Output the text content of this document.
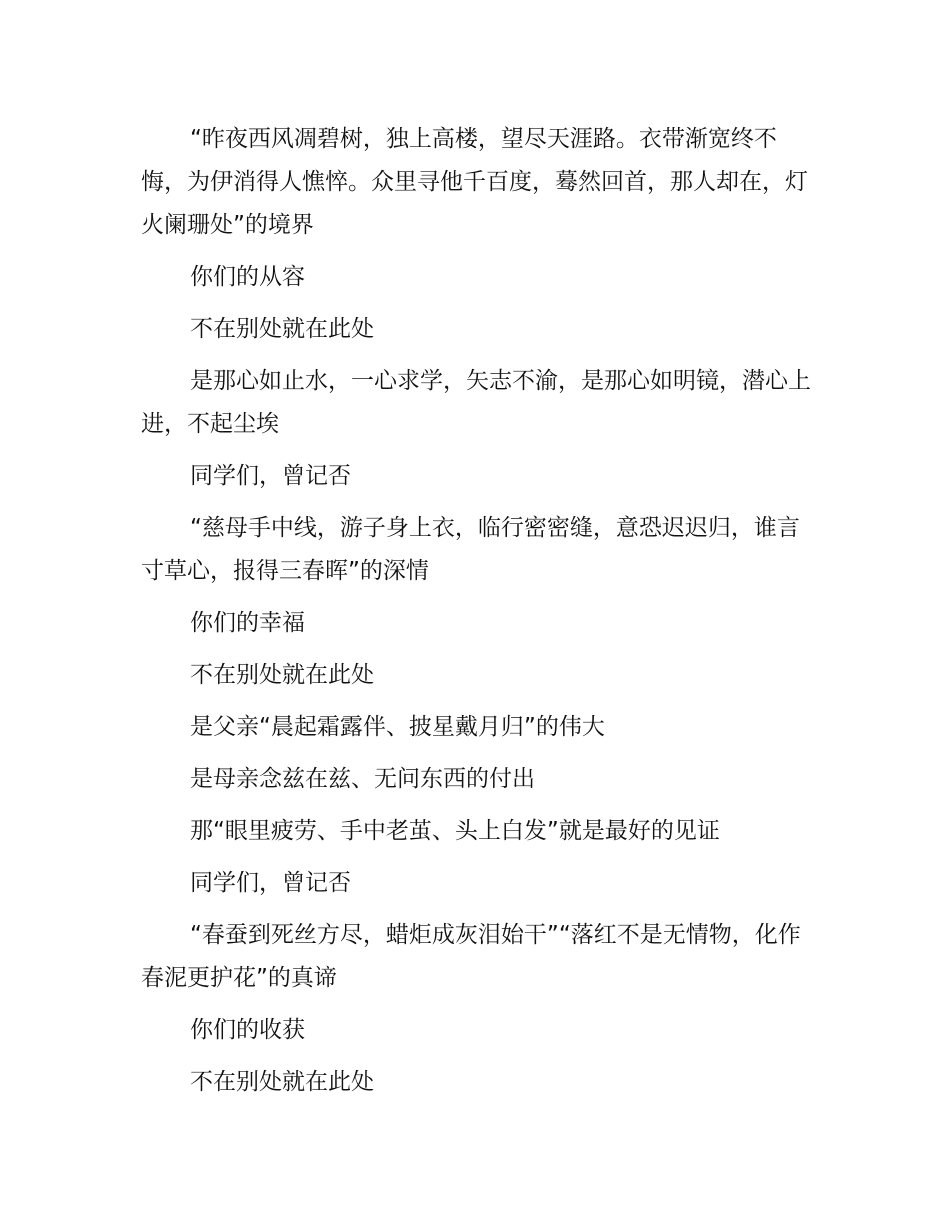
“昨夜西风凋碧树，独上高楼，望尽天涯路。衣带渐宽终不悔，为伊消得人憔悴。众里寻他千百度，蓦然回首，那人却在，灯火阑珊处”的境界

你们的从容

不在别处就在此处

是那心如止水，一心求学，矢志不渝，是那心如明镜，潜心上进，不起尘埃

同学们，曾记否

“慈母手中线，游子身上衣，临行密密缝，意恐迟迟归，谁言寸草心，报得三春晖”的深情

你们的幸福

不在别处就在此处

是父亲“晨起霜露伴、披星戴月归”的伟大

是母亲念兹在兹、无问东西的付出

那“眼里疲劳、手中老茧、头上白发”就是最好的见证

同学们，曾记否

“春蚕到死丝方尽，蜡炬成灰泪始干”“落红不是无情物，化作春泥更护花”的真谛

你们的收获

不在别处就在此处
